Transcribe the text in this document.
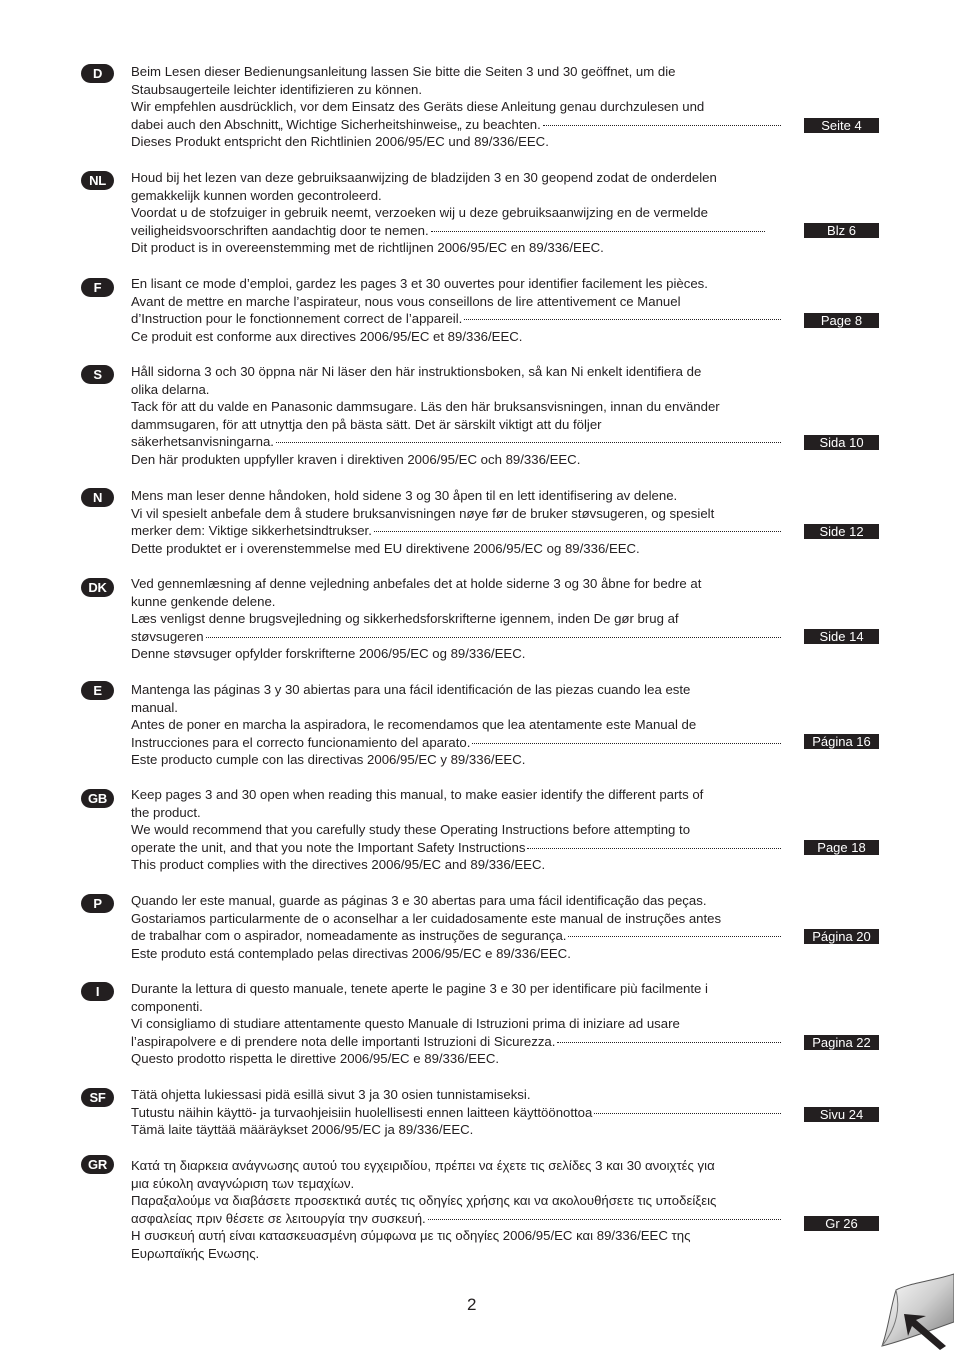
D	Beim Lesen dieser Bedienungsanleitung lassen Sie bitte die Seiten 3 und 30 geöffnet, um die
Staubsaugerteile leichter identifizieren zu können.
Wir empfehlen ausdrücklich, vor dem Einsatz des Geräts diese Anleitung genau durchzulesen und
dabei auch den Abschnitt„ Wichtige Sicherheitshinweise„ zu beachten.
Dieses Produkt entspricht den Richtlinien 2006/95/EC und 89/336/EEC.
Seite 4
NL	Houd bij het lezen van deze gebruiksaanwijzing de bladzijden 3 en 30 geopend zodat de onderdelen
gemakkelijk kunnen worden gecontroleerd.
Voordat u de stofzuiger in gebruik neemt, verzoeken wij u deze gebruiksaanwijzing en de vermelde
veiligheidsvoorschriften aandachtig door te nemen.
Dit product is in overeenstemming met de richtlijnen 2006/95/EC en 89/336/EEC.
Blz 6
F	En lisant ce mode d’emploi, gardez les pages 3 et 30 ouvertes pour identifier facilement les pièces.
Avant de mettre en marche l’aspirateur, nous vous conseillons de lire attentivement ce Manuel
d’Instruction pour le fonctionnement correct de l’appareil.
Ce produit est conforme aux directives 2006/95/EC et 89/336/EEC.
Page 8
S	Håll sidorna 3 och 30 öppna när Ni läser den här instruktionsboken, så kan Ni enkelt identifiera de
olika delarna.
Tack för att du valde en Panasonic dammsugare. Läs den här bruksansvisningen, innan du envänder
dammsugaren, för att utnyttja den på bästa sätt. Det är särskilt viktigt att du följer
säkerhetsanvisningarna.
Den här produkten uppfyller kraven i direktiven 2006/95/EC och 89/336/EEC.
Sida 10
N	Mens man leser denne håndoken, hold sidene 3 og 30 åpen til en lett identifisering av delene.
Vi vil spesielt anbefale dem å studere bruksanvisningen nøye før de bruker støvsugeren, og spesielt
merker dem: Viktige sikkerhetsindtrukser.
Dette produktet er i overenstemmelse med EU direktivene 2006/95/EC og 89/336/EEC.
Side 12
DK	Ved gennemlæsning af denne vejledning anbefales det at holde siderne 3 og 30 åbne for bedre at
kunne genkende delene.
Læs venligst denne brugsvejledning og sikkerhedsforskrifterne igennem, inden De gør brug af
støvsugeren
Denne støvsuger opfylder forskrifterne 2006/95/EC og 89/336/EEC.
Side 14
E	Mantenga las páginas 3 y 30 abiertas para una fácil identificación de las piezas cuando lea este
manual.
Antes de poner en marcha la aspiradora, le recomendamos que lea atentamente este Manual de
Instrucciones para el correcto funcionamiento del aparato.
Este producto cumple con las directivas 2006/95/EC y 89/336/EEC.
Página 16
GB	Keep pages 3 and 30 open when reading this manual, to make easier identify the different parts of
the product.
We would recommend that you carefully study these Operating Instructions before attempting to
operate the unit, and that you note the Important Safety Instructions
This product complies with the directives 2006/95/EC and 89/336/EEC.
Page 18
P	Quando ler este manual, guarde as páginas 3 e 30 abertas para uma fácil identificação das peças.
Gostariamos particularmente de o aconselhar a ler cuidadosamente este manual de instruções antes
de trabalhar com o aspirador, nomeadamente as instruções de segurança.
Este produto está contemplado pelas directivas 2006/95/EC e 89/336/EEC.
Página 20
I	Durante la lettura di questo manuale, tenete aperte le pagine 3 e 30 per identificare più facilmente i
componenti.
Vi consigliamo di studiare attentamente questo Manuale di Istruzioni prima di iniziare ad usare
l’aspirapolvere e di prendere nota delle importanti Istruzioni di Sicurezza.
Questo prodotto rispetta le direttive 2006/95/EC e 89/336/EEC.
Pagina 22
SF	Tätä ohjetta lukiessasi pidä esillä sivut 3 ja 30 osien tunnistamiseksi.
Tutustu näihin käyttö- ja turvaohjeisiin huolellisesti ennen laitteen käyttöönottoa
Tämä laite täyttää määräykset 2006/95/EC ja 89/336/EEC.
Sivu 24
GR	Κατά τη διαρκεια ανάγνωσης αυτού του εγχειριδίου, πρέπει να έχετε τις σελίδες 3 και 30 ανοιχτές για
μια εύκολη αναγνώριση των τεμαχίων.
Παραξαλούμε να διαβάσετε προσεκτικά αυτές τις οδηγίες χρήσης και να ακολουθήσετε τις υποδείξεις
ασφαλείας πριν θέσετε σε λειτουργία την συσκευή.
Η συσκευή αυτή είναι κατασκευασμένη σύμφωνα με τις οδηγίες 2006/95/EC και 89/336/EEC της
Ευρωπαϊκής Ενωσης.
Gr 26
2
